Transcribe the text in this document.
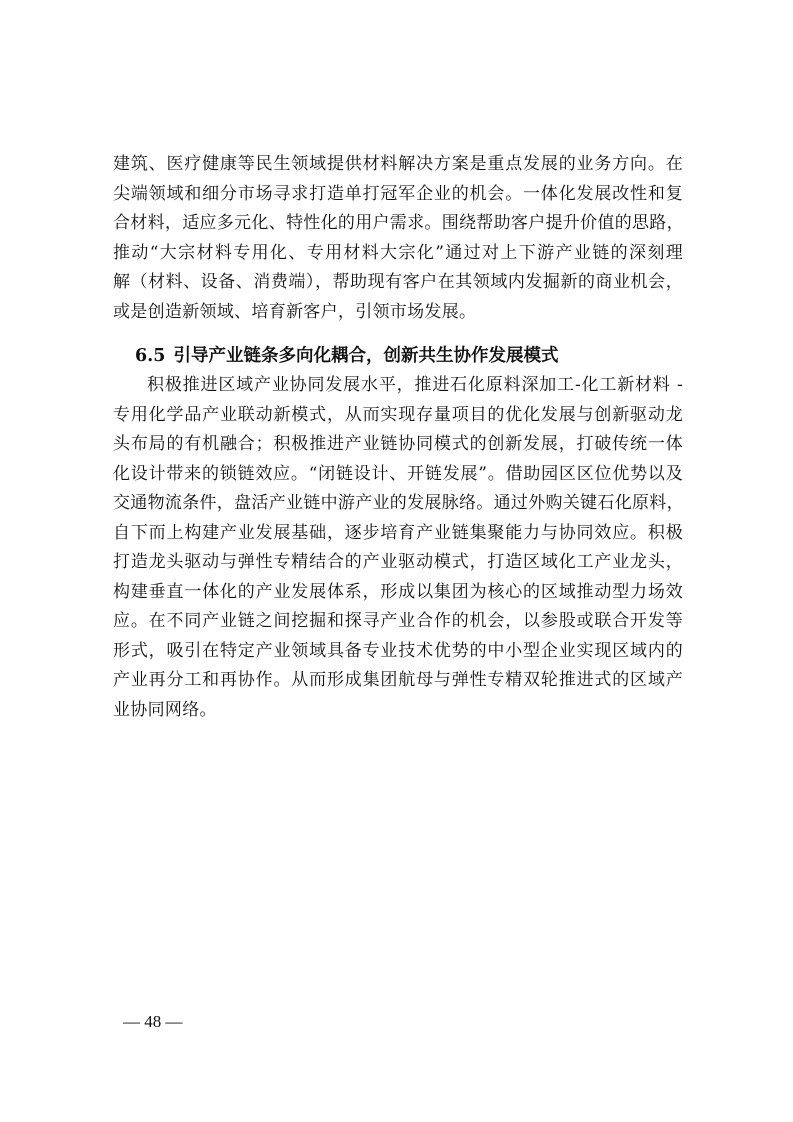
建筑、医疗健康等民生领域提供材料解决方案是重点发展的业务方向。在
尖端领域和细分市场寻求打造单打冠军企业的机会。一体化发展改性和复
合材料，适应多元化、特性化的用户需求。围绕帮助客户提升价值的思路，
推动“大宗材料专用化、专用材料大宗化”通过对上下游产业链的深刻理
解（材料、设备、消费端），帮助现有客户在其领域内发掘新的商业机会，
或是创造新领域、培育新客户，引领市场发展。

6.5 引导产业链条多向化耦合，创新共生协作发展模式

积极推进区域产业协同发展水平，推进石化原料深加工-化工新材料 -
专用化学品产业联动新模式，从而实现存量项目的优化发展与创新驱动龙
头布局的有机融合；积极推进产业链协同模式的创新发展，打破传统一体
化设计带来的锁链效应。“闭链设计、开链发展”。借助园区区位优势以及
交通物流条件，盘活产业链中游产业的发展脉络。通过外购关键石化原料，
自下而上构建产业发展基础，逐步培育产业链集聚能力与协同效应。积极
打造龙头驱动与弹性专精结合的产业驱动模式，打造区域化工产业龙头，
构建垂直一体化的产业发展体系，形成以集团为核心的区域推动型力场效
应。在不同产业链之间挖掘和探寻产业合作的机会，以参股或联合开发等
形式，吸引在特定产业领域具备专业技术优势的中小型企业实现区域内的
产业再分工和再协作。从而形成集团航母与弹性专精双轮推进式的区域产
业协同网络。

— 48 —
